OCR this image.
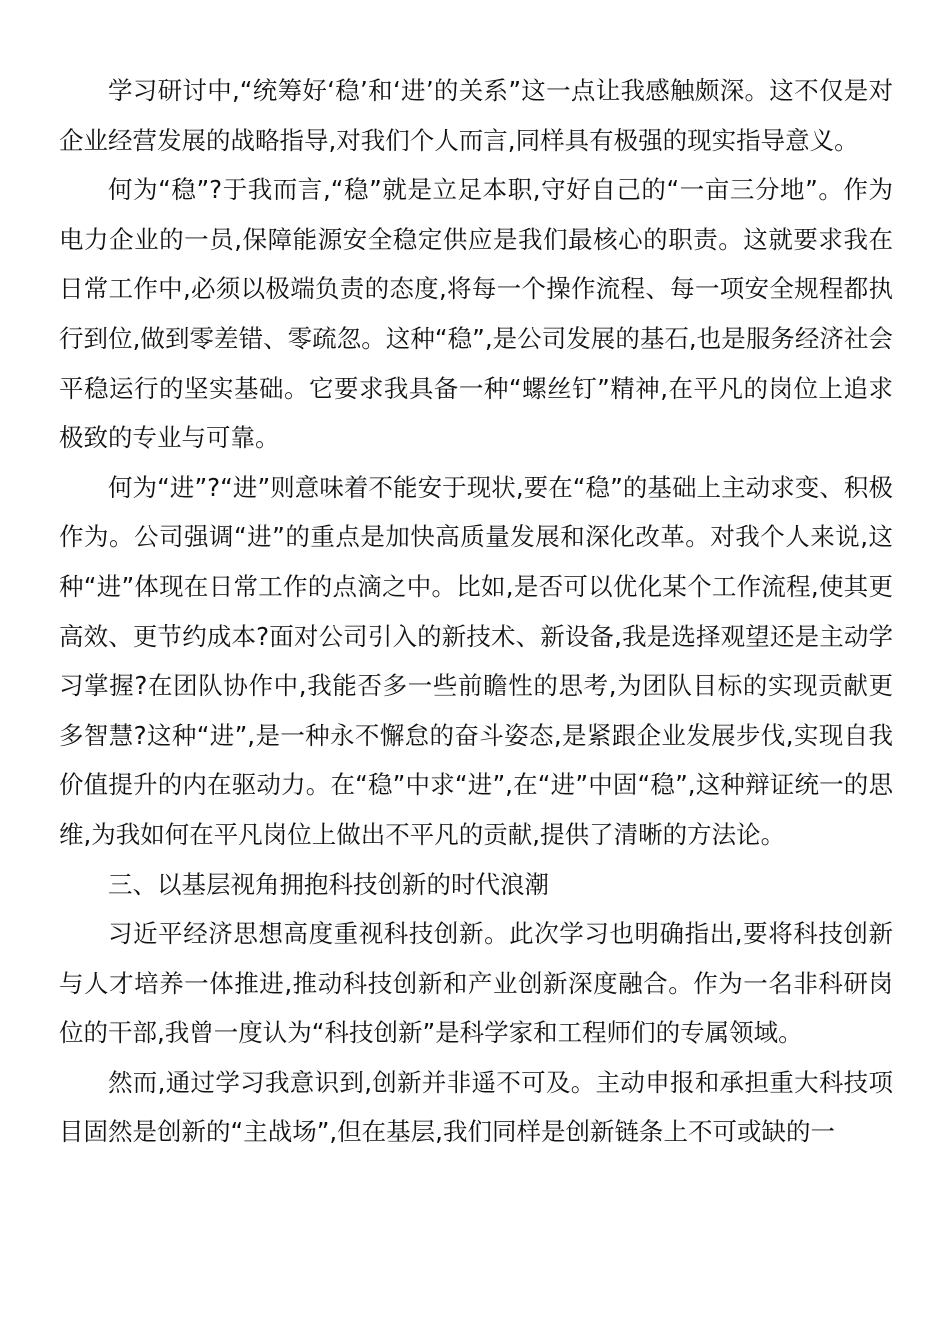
学习研讨中,“统筹好‘稳’和‘进’的关系”这一点让我感触颇深。这不仅是对企业经营发展的战略指导,对我们个人而言,同样具有极强的现实指导意义。

何为“稳”?于我而言,“稳”就是立足本职,守好自己的“一亩三分地”。作为电力企业的一员,保障能源安全稳定供应是我们最核心的职责。这就要求我在日常工作中,必须以极端负责的态度,将每一个操作流程、每一项安全规程都执行到位,做到零差错、零疏忽。这种“稳”,是公司发展的基石,也是服务经济社会平稳运行的坚实基础。它要求我具备一种“螺丝钉”精神,在平凡的岗位上追求极致的专业与可靠。

何为“进”?“进”则意味着不能安于现状,要在“稳”的基础上主动求变、积极作为。公司强调“进”的重点是加快高质量发展和深化改革。对我个人来说,这种“进”体现在日常工作的点滴之中。比如,是否可以优化某个工作流程,使其更高效、更节约成本?面对公司引入的新技术、新设备,我是选择观望还是主动学习掌握?在团队协作中,我能否多一些前瞻性的思考,为团队目标的实现贡献更多智慧?这种“进”,是一种永不懈怠的奋斗姿态,是紧跟企业发展步伐,实现自我价值提升的内在驱动力。在“稳”中求“进”,在“进”中固“稳”,这种辩证统一的思维,为我如何在平凡岗位上做出不平凡的贡献,提供了清晰的方法论。

三、以基层视角拥抱科技创新的时代浪潮

习近平经济思想高度重视科技创新。此次学习也明确指出,要将科技创新与人才培养一体推进,推动科技创新和产业创新深度融合。作为一名非科研岗位的干部,我曾一度认为“科技创新”是科学家和工程师们的专属领域。

然而,通过学习我意识到,创新并非遥不可及。主动申报和承担重大科技项目固然是创新的“主战场”,但在基层,我们同样是创新链条上不可或缺的一
